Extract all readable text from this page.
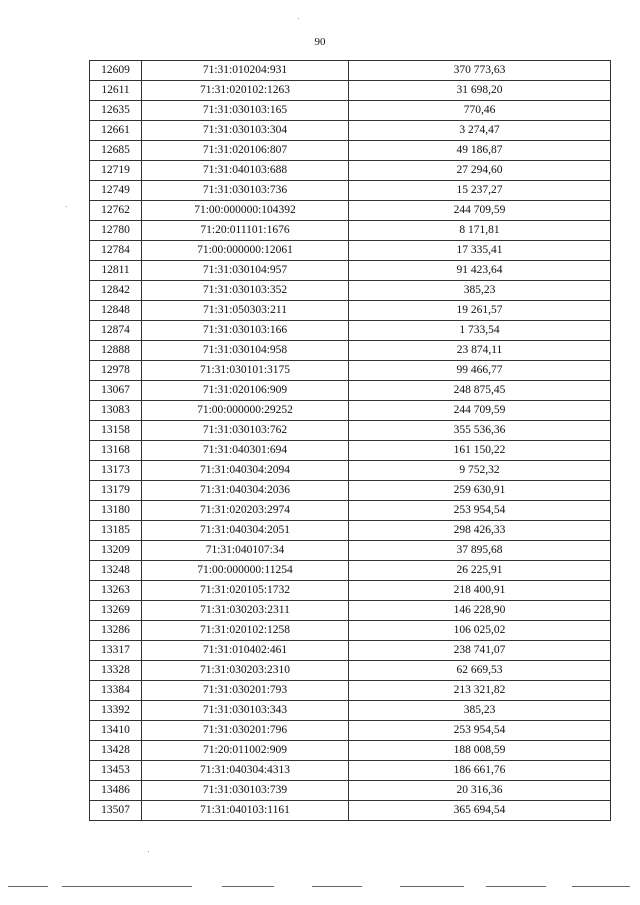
90
12609	71:31:010204:931	370 773,63
12611	71:31:020102:1263	31 698,20
12635	71:31:030103:165	770,46
12661	71:31:030103:304	3 274,47
12685	71:31:020106:807	49 186,87
12719	71:31:040103:688	27 294,60
12749	71:31:030103:736	15 237,27
12762	71:00:000000:104392	244 709,59
12780	71:20:011101:1676	8 171,81
12784	71:00:000000:12061	17 335,41
12811	71:31:030104:957	91 423,64
12842	71:31:030103:352	385,23
12848	71:31:050303:211	19 261,57
12874	71:31:030103:166	1 733,54
12888	71:31:030104:958	23 874,11
12978	71:31:030101:3175	99 466,77
13067	71:31:020106:909	248 875,45
13083	71:00:000000:29252	244 709,59
13158	71:31:030103:762	355 536,36
13168	71:31:040301:694	161 150,22
13173	71:31:040304:2094	9 752,32
13179	71:31:040304:2036	259 630,91
13180	71:31:020203:2974	253 954,54
13185	71:31:040304:2051	298 426,33
13209	71:31:040107:34	37 895,68
13248	71:00:000000:11254	26 225,91
13263	71:31:020105:1732	218 400,91
13269	71:31:030203:2311	146 228,90
13286	71:31:020102:1258	106 025,02
13317	71:31:010402:461	238 741,07
13328	71:31:030203:2310	62 669,53
13384	71:31:030201:793	213 321,82
13392	71:31:030103:343	385,23
13410	71:31:030201:796	253 954,54
13428	71:20:011002:909	188 008,59
13453	71:31:040304:4313	186 661,76
13486	71:31:030103:739	20 316,36
13507	71:31:040103:1161	365 694,54
